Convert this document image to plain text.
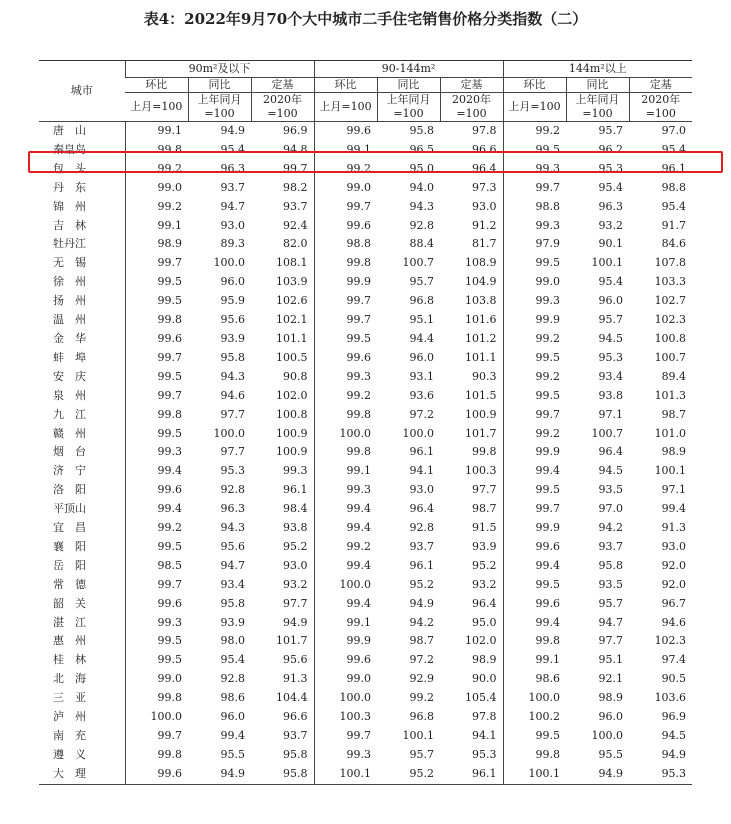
表4：2022年9月70个大中城市二手住宅销售价格分类指数（二）
城市	90m²及以下			90-144m²			144m²以上		
	环比	同比	定基	环比	同比	定基	环比	同比	定基
	上月=100	上年同月=100	2020年=100	上月=100	上年同月=100	2020年=100	上月=100	上年同月=100	2020年=100
唐　山	99.1	94.9	96.9	99.6	95.8	97.8	99.2	95.7	97.0
秦皇岛	99.8	95.4	94.8	99.1	96.5	96.6	99.5	96.2	95.4
包　头	99.2	96.3	99.7	99.2	95.0	96.4	99.3	95.3	96.1
丹　东	99.0	93.7	98.2	99.0	94.0	97.3	99.7	95.4	98.8
锦　州	99.2	94.7	93.7	99.7	94.3	93.0	98.8	96.3	95.4
吉　林	99.1	93.0	92.4	99.6	92.8	91.2	99.3	93.2	91.7
牡丹江	98.9	89.3	82.0	98.8	88.4	81.7	97.9	90.1	84.6
无　锡	99.7	100.0	108.1	99.8	100.7	108.9	99.5	100.1	107.8
徐　州	99.5	96.0	103.9	99.9	95.7	104.9	99.0	95.4	103.3
扬　州	99.5	95.9	102.6	99.7	96.8	103.8	99.3	96.0	102.7
温　州	99.8	95.6	102.1	99.7	95.1	101.6	99.9	95.7	102.3
金　华	99.6	93.9	101.1	99.5	94.4	101.2	99.2	94.5	100.8
蚌　埠	99.7	95.8	100.5	99.6	96.0	101.1	99.5	95.3	100.7
安　庆	99.5	94.3	90.8	99.3	93.1	90.3	99.2	93.4	89.4
泉　州	99.7	94.6	102.0	99.2	93.6	101.5	99.5	93.8	101.3
九　江	99.8	97.7	100.8	99.8	97.2	100.9	99.7	97.1	98.7
赣　州	99.5	100.0	100.9	100.0	100.0	101.7	99.2	100.7	101.0
烟　台	99.3	97.7	100.9	99.8	96.1	99.8	99.9	96.4	98.9
济　宁	99.4	95.3	99.3	99.1	94.1	100.3	99.4	94.5	100.1
洛　阳	99.6	92.8	96.1	99.3	93.0	97.7	99.5	93.5	97.1
平顶山	99.4	96.3	98.4	99.4	96.4	98.7	99.7	97.0	99.4
宜　昌	99.2	94.3	93.8	99.4	92.8	91.5	99.9	94.2	91.3
襄　阳	99.5	95.6	95.2	99.2	93.7	93.9	99.6	93.7	93.0
岳　阳	98.5	94.7	93.0	99.4	96.1	95.2	99.4	95.8	92.0
常　德	99.7	93.4	93.2	100.0	95.2	93.2	99.5	93.5	92.0
韶　关	99.6	95.8	97.7	99.4	94.9	96.4	99.6	95.7	96.7
湛　江	99.3	93.9	94.9	99.1	94.2	95.0	99.4	94.7	94.6
惠　州	99.5	98.0	101.7	99.9	98.7	102.0	99.8	97.7	102.3
桂　林	99.5	95.4	95.6	99.6	97.2	98.9	99.1	95.1	97.4
北　海	99.0	92.8	91.3	99.0	92.9	90.0	98.6	92.1	90.5
三　亚	99.8	98.6	104.4	100.0	99.2	105.4	100.0	98.9	103.6
泸　州	100.0	96.0	96.6	100.3	96.8	97.8	100.2	96.0	96.9
南　充	99.7	99.4	93.7	99.7	100.1	94.1	99.5	100.0	94.5
遵　义	99.8	95.5	95.8	99.3	95.7	95.3	99.8	95.5	94.9
大　理	99.6	94.9	95.8	100.1	95.2	96.1	100.1	94.9	95.3
